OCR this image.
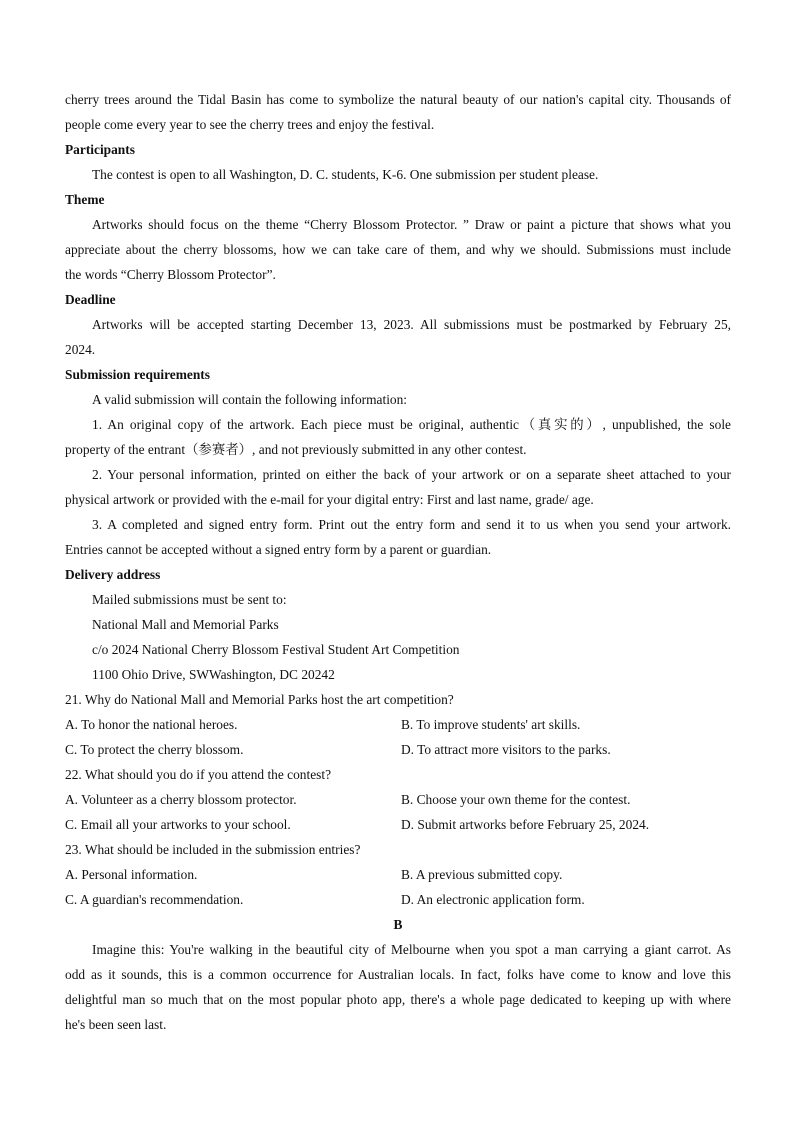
cherry trees around the Tidal Basin has come to symbolize the natural beauty of our nation's capital city. Thousands of
people come every year to see the cherry trees and enjoy the festival.
Participants
The contest is open to all Washington, D. C. students, K-6. One submission per student please.
Theme
Artworks should focus on the theme “Cherry Blossom Protector. ” Draw or paint a picture that shows what you
appreciate about the cherry blossoms, how we can take care of them, and why we should. Submissions must include
the words “Cherry Blossom Protector”.
Deadline
Artworks will be accepted starting December 13, 2023. All submissions must be postmarked by February 25,
2024.
Submission requirements
A valid submission will contain the following information:
1. An original copy of the artwork. Each piece must be original, authentic（真实的）, unpublished, the sole
property of the entrant（参赛者）, and not previously submitted in any other contest.
2. Your personal information, printed on either the back of your artwork or on a separate sheet attached to your
physical artwork or provided with the e-mail for your digital entry: First and last name, grade/ age.
3. A completed and signed entry form. Print out the entry form and send it to us when you send your artwork.
Entries cannot be accepted without a signed entry form by a parent or guardian.
Delivery address
Mailed submissions must be sent to:
National Mall and Memorial Parks
c/o 2024 National Cherry Blossom Festival Student Art Competition
1100 Ohio Drive, SWWashington, DC 20242
21. Why do National Mall and Memorial Parks host the art competition?
A. To honor the national heroes.	B. To improve students' art skills.
C. To protect the cherry blossom.	D. To attract more visitors to the parks.
22. What should you do if you attend the contest?
A. Volunteer as a cherry blossom protector.	B. Choose your own theme for the contest.
C. Email all your artworks to your school.	D. Submit artworks before February 25, 2024.
23. What should be included in the submission entries?
A. Personal information.	B. A previous submitted copy.
C. A guardian's recommendation.	D. An electronic application form.
B
Imagine this: You're walking in the beautiful city of Melbourne when you spot a man carrying a giant carrot. As
odd as it sounds, this is a common occurrence for Australian locals. In fact, folks have come to know and love this
delightful man so much that on the most popular photo app, there's a whole page dedicated to keeping up with where
he's been seen last.
